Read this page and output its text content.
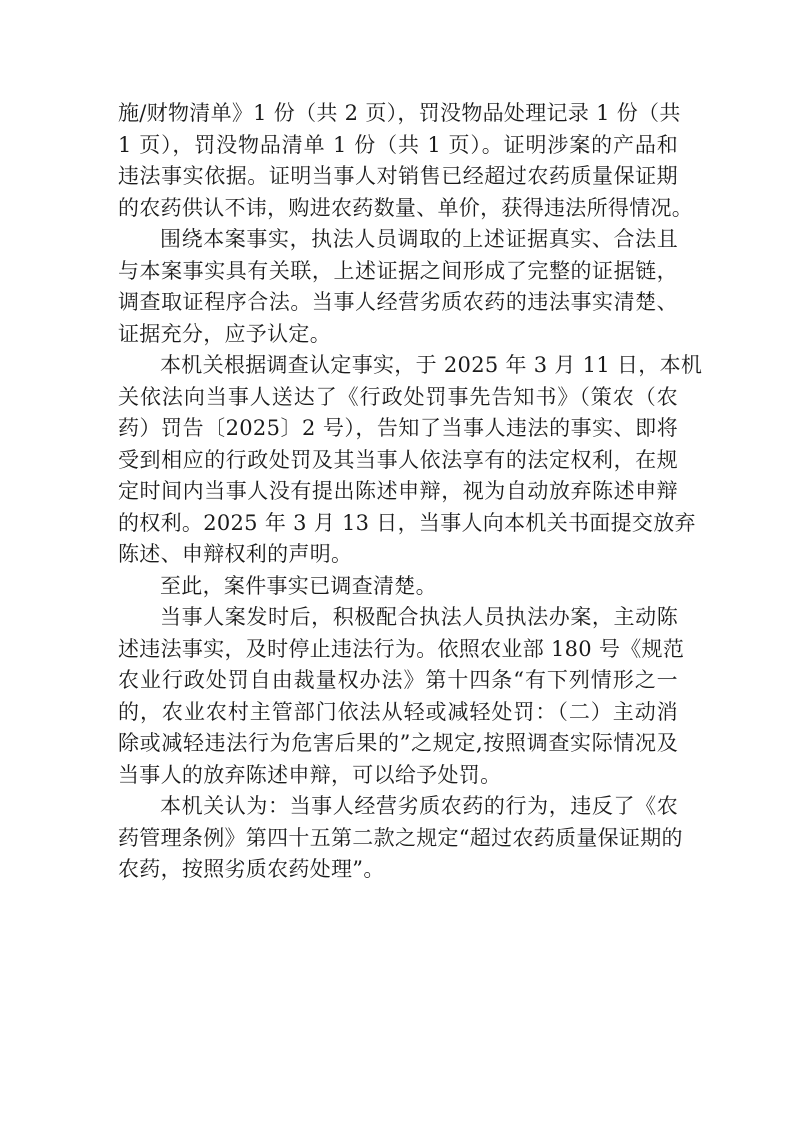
施/财物清单》1 份（共 2 页），罚没物品处理记录 1 份（共
1 页），罚没物品清单 1 份（共 1 页）。证明涉案的产品和
违法事实依据。证明当事人对销售已经超过农药质量保证期
的农药供认不讳，购进农药数量、单价，获得违法所得情况。
围绕本案事实，执法人员调取的上述证据真实、合法且
与本案事实具有关联，上述证据之间形成了完整的证据链，
调查取证程序合法。当事人经营劣质农药的违法事实清楚、
证据充分，应予认定。
本机关根据调查认定事实，于 2025 年 3 月 11 日，本机
关依法向当事人送达了《行政处罚事先告知书》（策农（农
药）罚告〔2025〕2 号），告知了当事人违法的事实、即将
受到相应的行政处罚及其当事人依法享有的法定权利，在规
定时间内当事人没有提出陈述申辩，视为自动放弃陈述申辩
的权利。2025 年 3 月 13 日，当事人向本机关书面提交放弃
陈述、申辩权利的声明。
至此，案件事实已调查清楚。
当事人案发时后，积极配合执法人员执法办案，主动陈
述违法事实，及时停止违法行为。依照农业部 180 号《规范
农业行政处罚自由裁量权办法》第十四条“有下列情形之一
的，农业农村主管部门依法从轻或减轻处罚：（二）主动消
除或减轻违法行为危害后果的”之规定,按照调查实际情况及
当事人的放弃陈述申辩，可以给予处罚。
本机关认为：当事人经营劣质农药的行为，违反了《农
药管理条例》第四十五第二款之规定“超过农药质量保证期的
农药，按照劣质农药处理”。
